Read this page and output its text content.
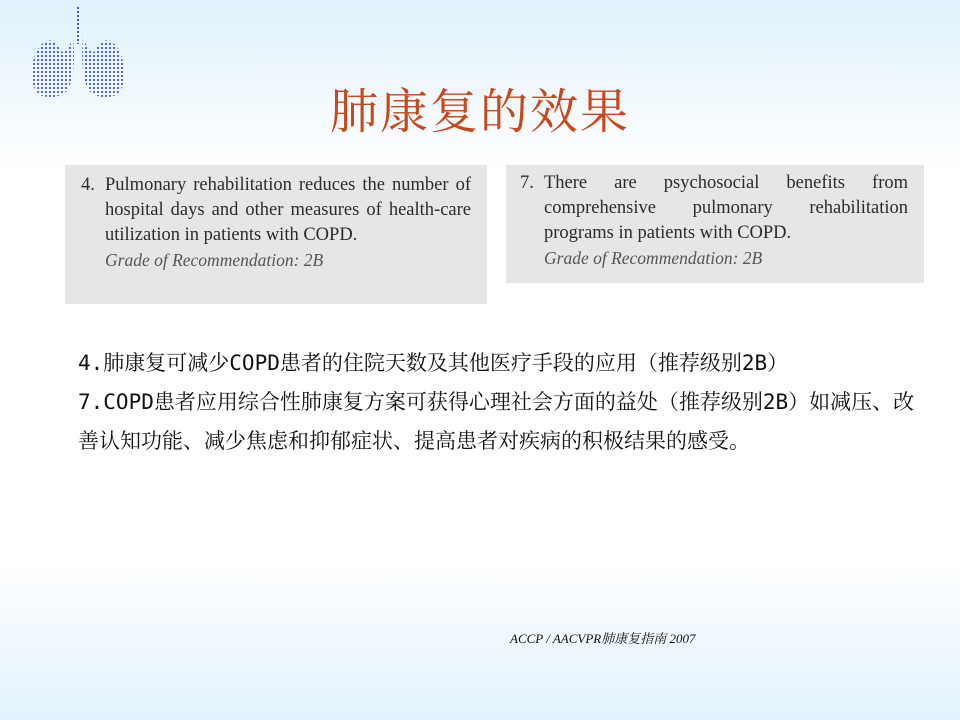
肺康复的效果
4. Pulmonary rehabilitation reduces the number of hospital days and other measures of health-care utilization in patients with COPD.
Grade of Recommendation: 2B
7. There are psychosocial benefits from comprehensive pulmonary rehabilitation programs in patients with COPD.
Grade of Recommendation: 2B

4.肺康复可减少COPD患者的住院天数及其他医疗手段的应用（推荐级别2B）

7.COPD患者应用综合性肺康复方案可获得心理社会方面的益处（推荐级别2B）如减压、改善认知功能、减少焦虑和抑郁症状、提高患者对疾病的积极结果的感受。

ACCP / AACVPR肺康复指南 2007
